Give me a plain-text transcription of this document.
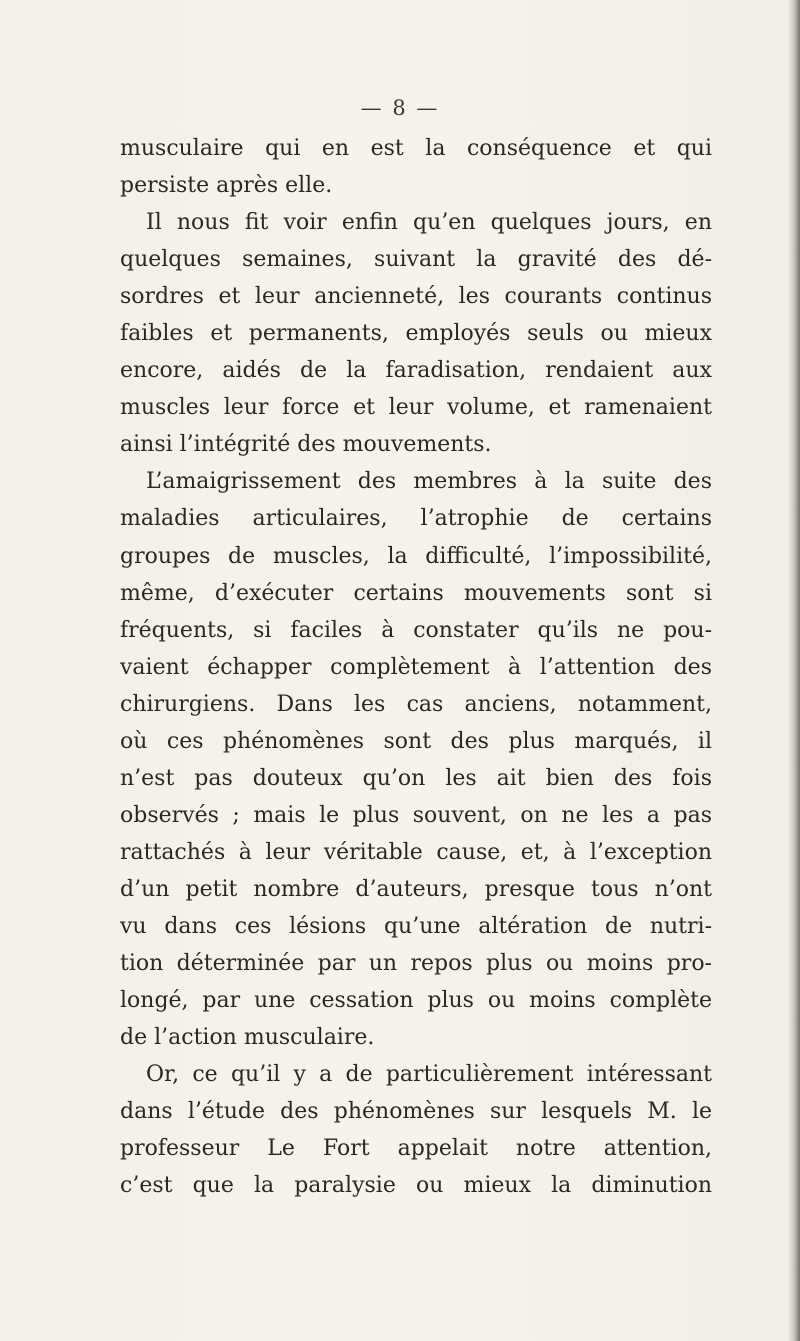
— 8 —
musculaire qui en est la conséquence et qui
persiste après elle.
Il nous fit voir enfin qu’en quelques jours, en
quelques semaines, suivant la gravité des dé-
sordres et leur ancienneté, les courants continus
faibles et permanents, employés seuls ou mieux
encore, aidés de la faradisation, rendaient aux
muscles leur force et leur volume, et ramenaient
ainsi l’intégrité des mouvements.
L’amaigrissement des membres à la suite des
maladies articulaires, l’atrophie de certains
groupes de muscles, la difficulté, l’impossibilité,
même, d’exécuter certains mouvements sont si
fréquents, si faciles à constater qu’ils ne pou-
vaient échapper complètement à l’attention des
chirurgiens. Dans les cas anciens, notamment,
où ces phénomènes sont des plus marqués, il
n’est pas douteux qu’on les ait bien des fois
observés ; mais le plus souvent, on ne les a pas
rattachés à leur véritable cause, et, à l’exception
d’un petit nombre d’auteurs, presque tous n’ont
vu dans ces lésions qu’une altération de nutri-
tion déterminée par un repos plus ou moins pro-
longé, par une cessation plus ou moins complète
de l’action musculaire.
Or, ce qu’il y a de particulièrement intéressant
dans l’étude des phénomènes sur lesquels M. le
professeur Le Fort appelait notre attention,
c’est que la paralysie ou mieux la diminution
